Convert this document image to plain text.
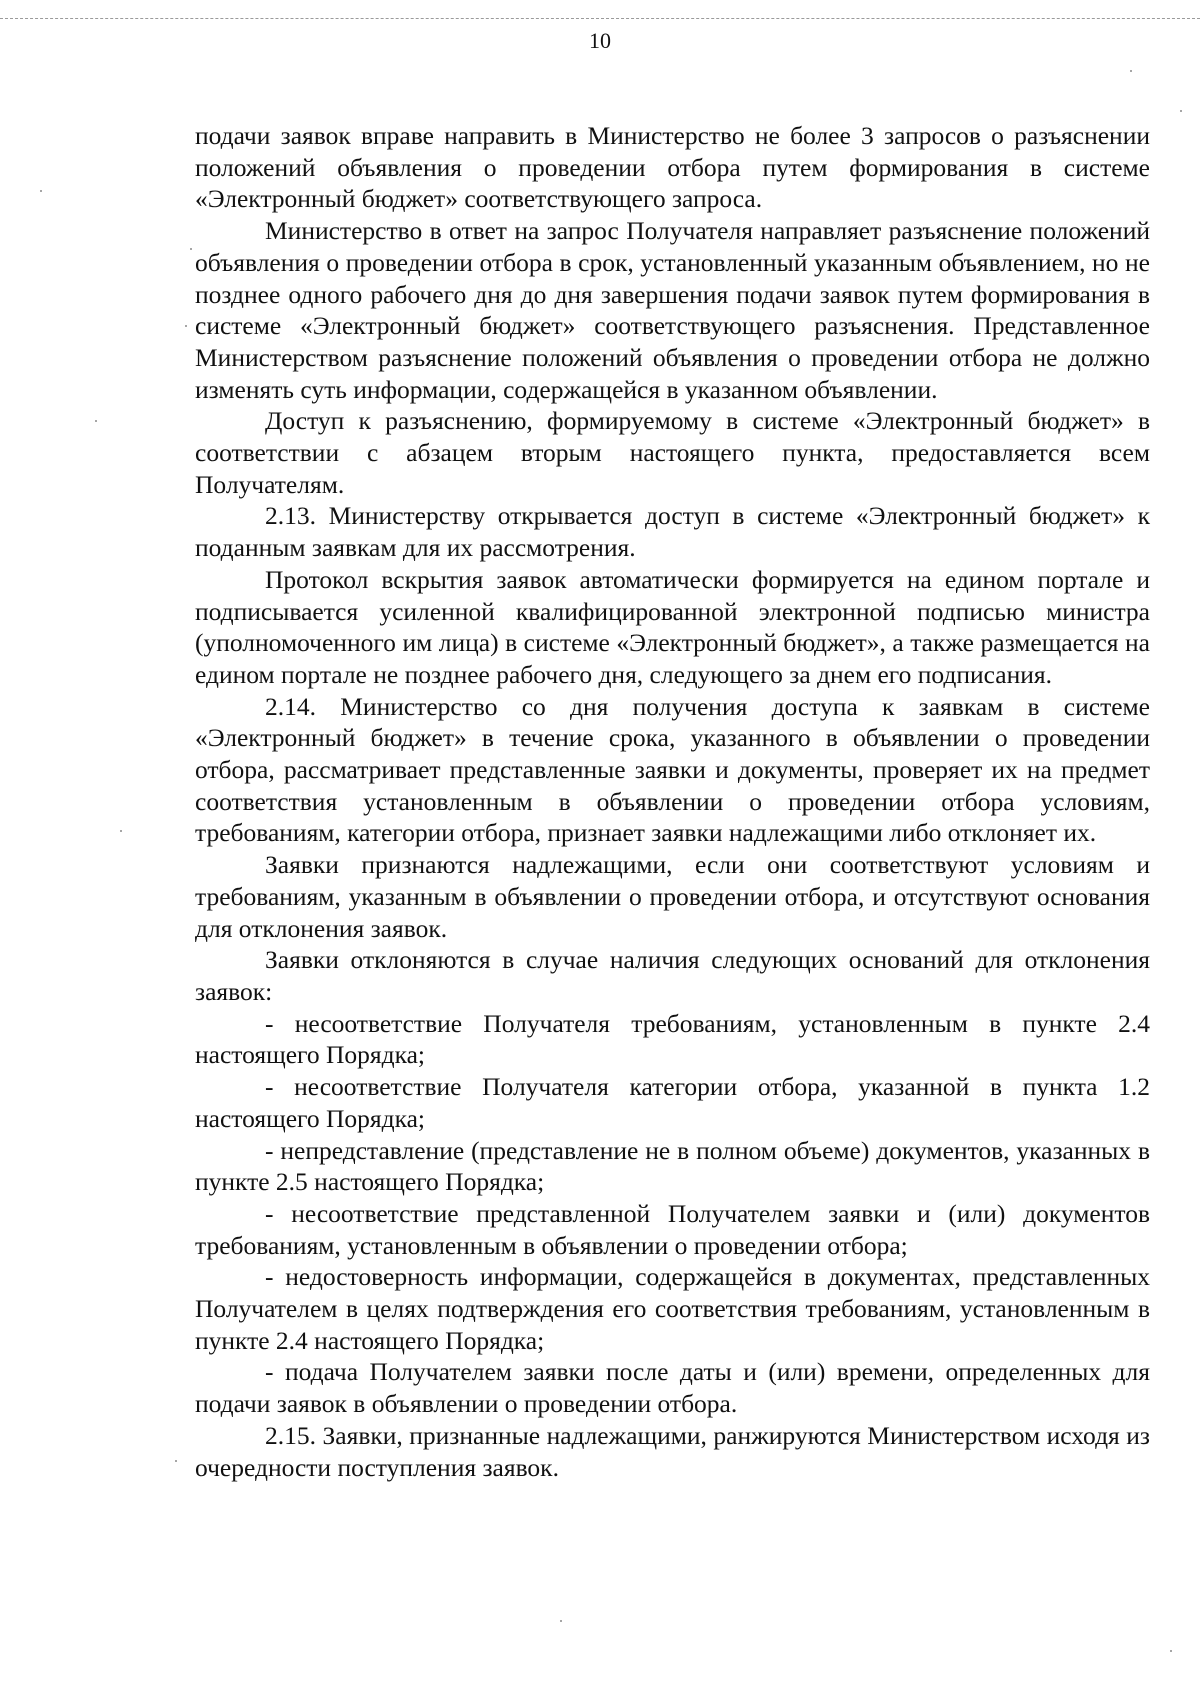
10

подачи заявок вправе направить в Министерство не более 3 запросов о разъяснении положений объявления о проведении отбора путем формирования в системе «Электронный бюджет» соответствующего запроса.

Министерство в ответ на запрос Получателя направляет разъяснение положений объявления о проведении отбора в срок, установленный указанным объявлением, но не позднее одного рабочего дня до дня завершения подачи заявок путем формирования в системе «Электронный бюджет» соответствующего разъяснения. Представленное Министерством разъяснение положений объявления о проведении отбора не должно изменять суть информации, содержащейся в указанном объявлении.

Доступ к разъяснению, формируемому в системе «Электронный бюджет» в соответствии с абзацем вторым настоящего пункта, предоставляется всем Получателям.

2.13. Министерству открывается доступ в системе «Электронный бюджет» к поданным заявкам для их рассмотрения.

Протокол вскрытия заявок автоматически формируется на едином портале и подписывается усиленной квалифицированной электронной подписью министра (уполномоченного им лица) в системе «Электронный бюджет», а также размещается на едином портале не позднее рабочего дня, следующего за днем его подписания.

2.14. Министерство со дня получения доступа к заявкам в системе «Электронный бюджет» в течение срока, указанного в объявлении о проведении отбора, рассматривает представленные заявки и документы, проверяет их на предмет соответствия установленным в объявлении о проведении отбора условиям, требованиям, категории отбора, признает заявки надлежащими либо отклоняет их.

Заявки признаются надлежащими, если они соответствуют условиям и требованиям, указанным в объявлении о проведении отбора, и отсутствуют основания для отклонения заявок.

Заявки отклоняются в случае наличия следующих оснований для отклонения заявок:

- несоответствие Получателя требованиям, установленным в пункте 2.4 настоящего Порядка;

- несоответствие Получателя категории отбора, указанной в пункта 1.2 настоящего Порядка;

- непредставление (представление не в полном объеме) документов, указанных в пункте 2.5 настоящего Порядка;

- несоответствие представленной Получателем заявки и (или) документов требованиям, установленным в объявлении о проведении отбора;

- недостоверность информации, содержащейся в документах, представленных Получателем в целях подтверждения его соответствия требованиям, установленным в пункте 2.4 настоящего Порядка;

- подача Получателем заявки после даты и (или) времени, определенных для подачи заявок в объявлении о проведении отбора.

2.15. Заявки, признанные надлежащими, ранжируются Министерством исходя из очередности поступления заявок.
